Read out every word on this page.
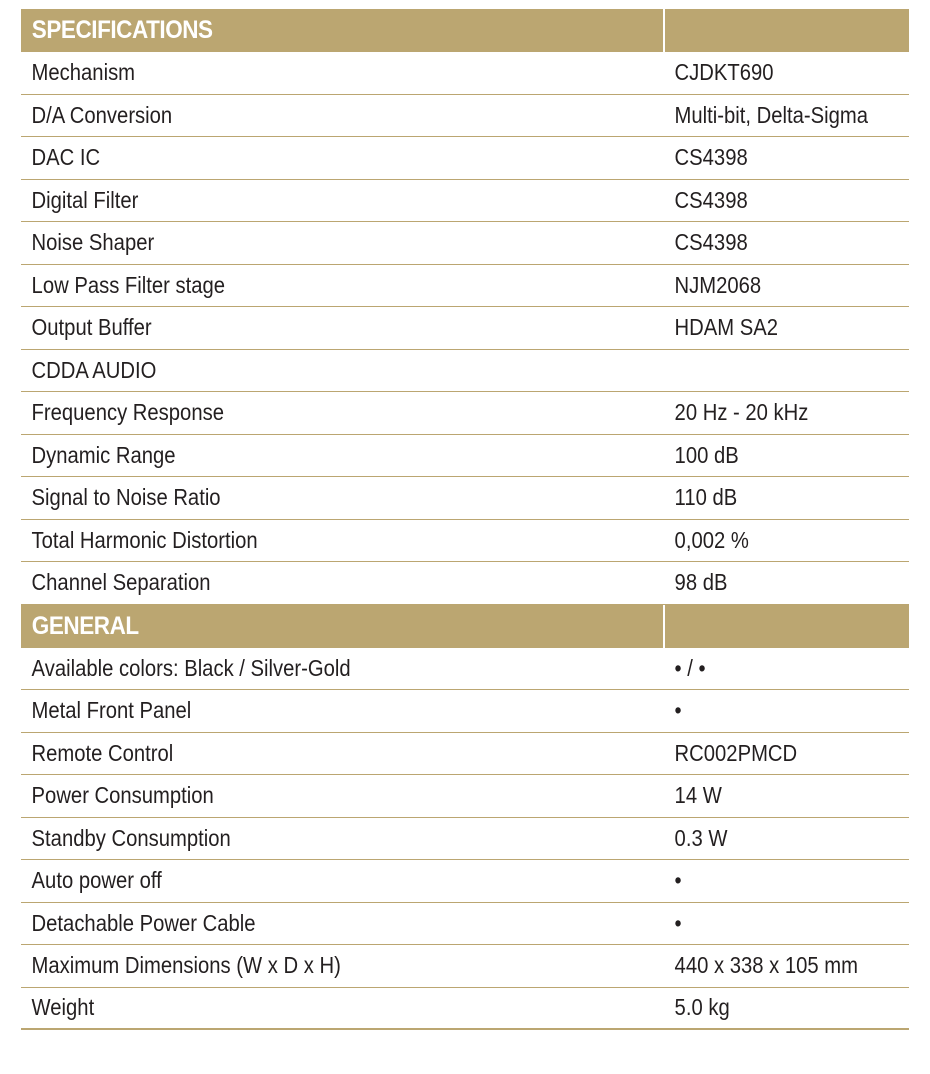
SPECIFICATIONS
Mechanism	CJDKT690
D/A Conversion	Multi-bit, Delta-Sigma
DAC IC	CS4398
Digital Filter	CS4398
Noise Shaper	CS4398
Low Pass Filter stage	NJM2068
Output Buffer	HDAM SA2
CDDA AUDIO
Frequency Response	20 Hz - 20 kHz
Dynamic Range	100 dB
Signal to Noise Ratio	110 dB
Total Harmonic Distortion	0,002 %
Channel Separation	98 dB
GENERAL
Available colors: Black / Silver-Gold	• / •
Metal Front Panel	•
Remote Control	RC002PMCD
Power Consumption	14 W
Standby Consumption	0.3 W
Auto power off	•
Detachable Power Cable	•
Maximum Dimensions (W x D x H)	440 x 338 x 105 mm
Weight	5.0 kg
